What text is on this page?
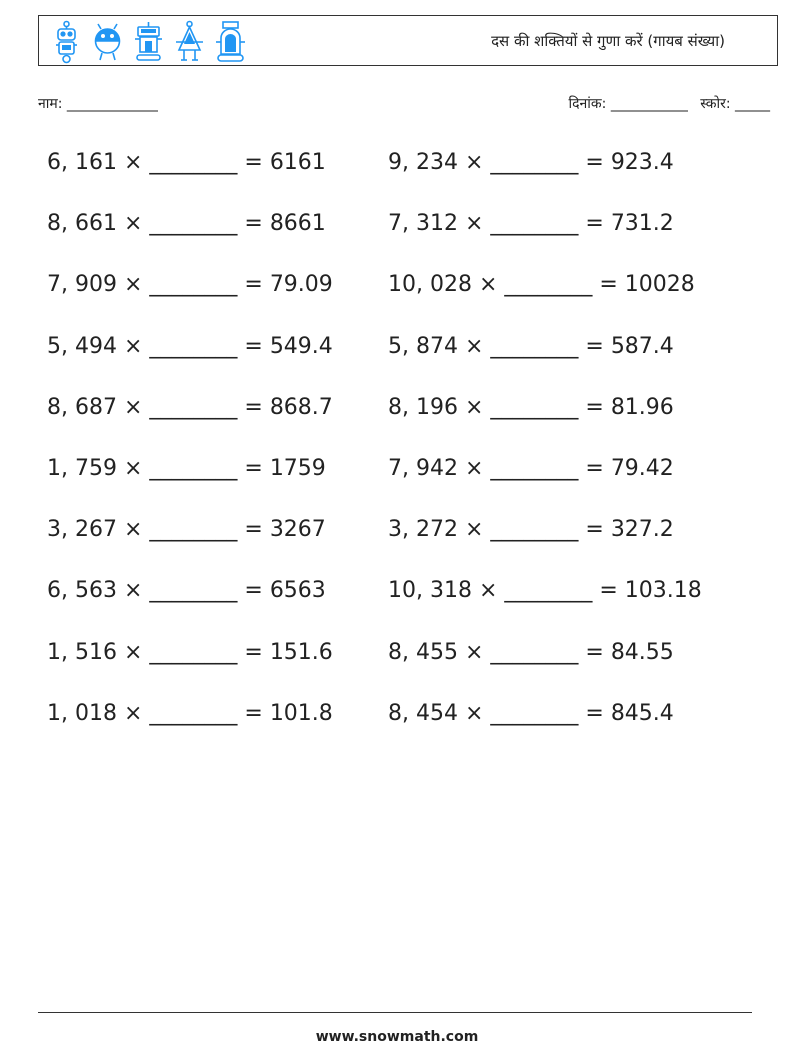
दस की शक्तियों से गुणा करें (गायब संख्या)
नाम: _____________	दिनांक: ___________ स्कोर: _____
6, 161 × ________ = 6161	9, 234 × ________ = 923.4
8, 661 × ________ = 8661	7, 312 × ________ = 731.2
7, 909 × ________ = 79.09	10, 028 × ________ = 10028
5, 494 × ________ = 549.4	5, 874 × ________ = 587.4
8, 687 × ________ = 868.7	8, 196 × ________ = 81.96
1, 759 × ________ = 1759	7, 942 × ________ = 79.42
3, 267 × ________ = 3267	3, 272 × ________ = 327.2
6, 563 × ________ = 6563	10, 318 × ________ = 103.18
1, 516 × ________ = 151.6	8, 455 × ________ = 84.55
1, 018 × ________ = 101.8	8, 454 × ________ = 845.4
www.snowmath.com
